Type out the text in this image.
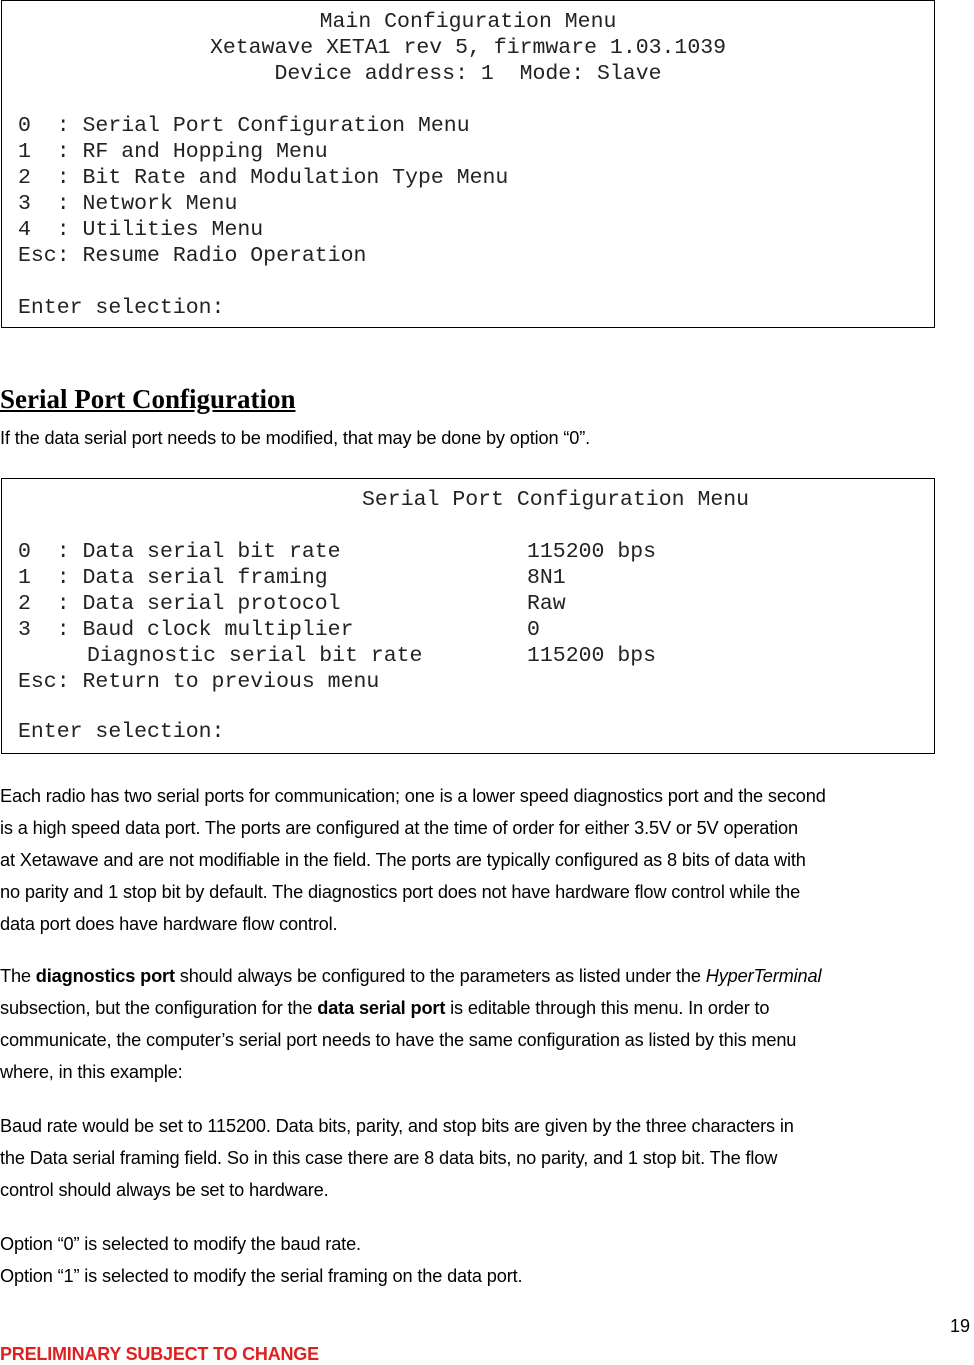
Main Configuration Menu
Xetawave XETA1 rev 5, firmware 1.03.1039
Device address: 1  Mode: Slave
0  : Serial Port Configuration Menu
1  : RF and Hopping Menu
2  : Bit Rate and Modulation Type Menu
3  : Network Menu
4  : Utilities Menu
Esc: Resume Radio Operation
Enter selection:
Serial Port Configuration
If the data serial port needs to be modified, that may be done by option “0”.
Serial Port Configuration Menu
0  : Data serial bit rate	115200 bps
1  : Data serial framing	8N1
2  : Data serial protocol	Raw
3  : Baud clock multiplier	0
Diagnostic serial bit rate	115200 bps
Esc: Return to previous menu
Enter selection:
Each radio has two serial ports for communication; one is a lower speed diagnostics port and the second
is a high speed data port. The ports are configured at the time of order for either 3.5V or 5V operation
at Xetawave and are not modifiable in the field. The ports are typically configured as 8 bits of data with
no parity and 1 stop bit by default. The diagnostics port does not have hardware flow control while the
data port does have hardware flow control.
The diagnostics port should always be configured to the parameters as listed under the HyperTerminal
subsection, but the configuration for the data serial port is editable through this menu. In order to
communicate, the computer’s serial port needs to have the same configuration as listed by this menu
where, in this example:
Baud rate would be set to 115200. Data bits, parity, and stop bits are given by the three characters in
the Data serial framing field. So in this case there are 8 data bits, no parity, and 1 stop bit. The flow
control should always be set to hardware.
Option “0” is selected to modify the baud rate.
Option “1” is selected to modify the serial framing on the data port.
19
PRELIMINARY SUBJECT TO CHANGE
